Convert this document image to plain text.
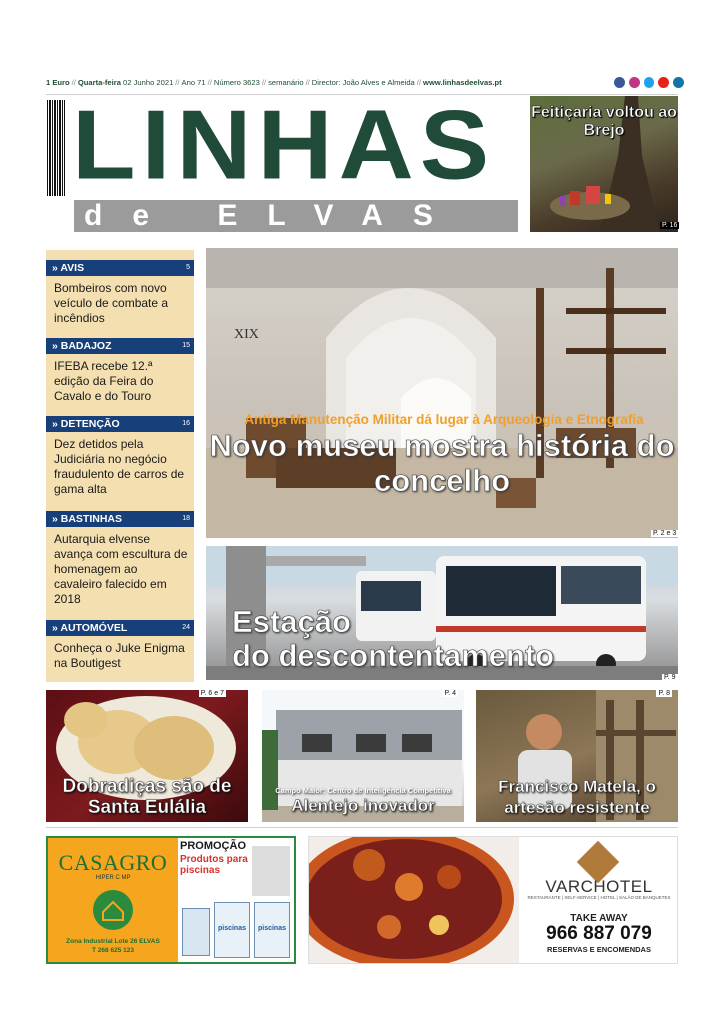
1 Euro // Quarta-feira 02 Junho 2021 // Ano 71 // Número 3623 // semanário // Director: João Alves e Almeida // www.linhasdeelvas.pt
LINHAS
de ELVAS
Feitiçaria voltou ao Brejo
P. 16
» AVIS	5
Bombeiros com novo veículo de combate a incêndios
» BADAJOZ	15
IFEBA recebe 12.ª edição da Feira do Cavalo e do Touro
» DETENÇÃO	16
Dez detidos pela Judiciária no negócio fraudulento de carros de gama alta
» BASTINHAS	18
Autarquia elvense avança com escultura de homenagem ao cavaleiro falecido em 2018
» AUTOMÓVEL	24
Conheça o Juke Enigma na Boutigest
XIX
Antiga Manutenção Militar dá lugar à Arqueologia e Etnografia
Novo museu mostra história do concelho
P. 2 e 3
Estação
do descontentamento
P. 9
P. 6 e 7
Dobradiças são de Santa Eulália
P. 4
Campo Maior: Centro de Inteligência Competitiva
Alentejo inovador
P. 8
Francisco Matela, o artesão resistente
CASAGRO
HIPER C MP
Zona Industrial Lote 26 ELVAS
T 268 625 123
PROMOÇÃO
Produtos para piscinas
piscinas	piscinas
VARCHOTEL
RESTAURANTE | SELF-SERVICE | HOTEL | SALÃO DE BANQUETES
TAKE AWAY
966 887 079
RESERVAS E ENCOMENDAS
